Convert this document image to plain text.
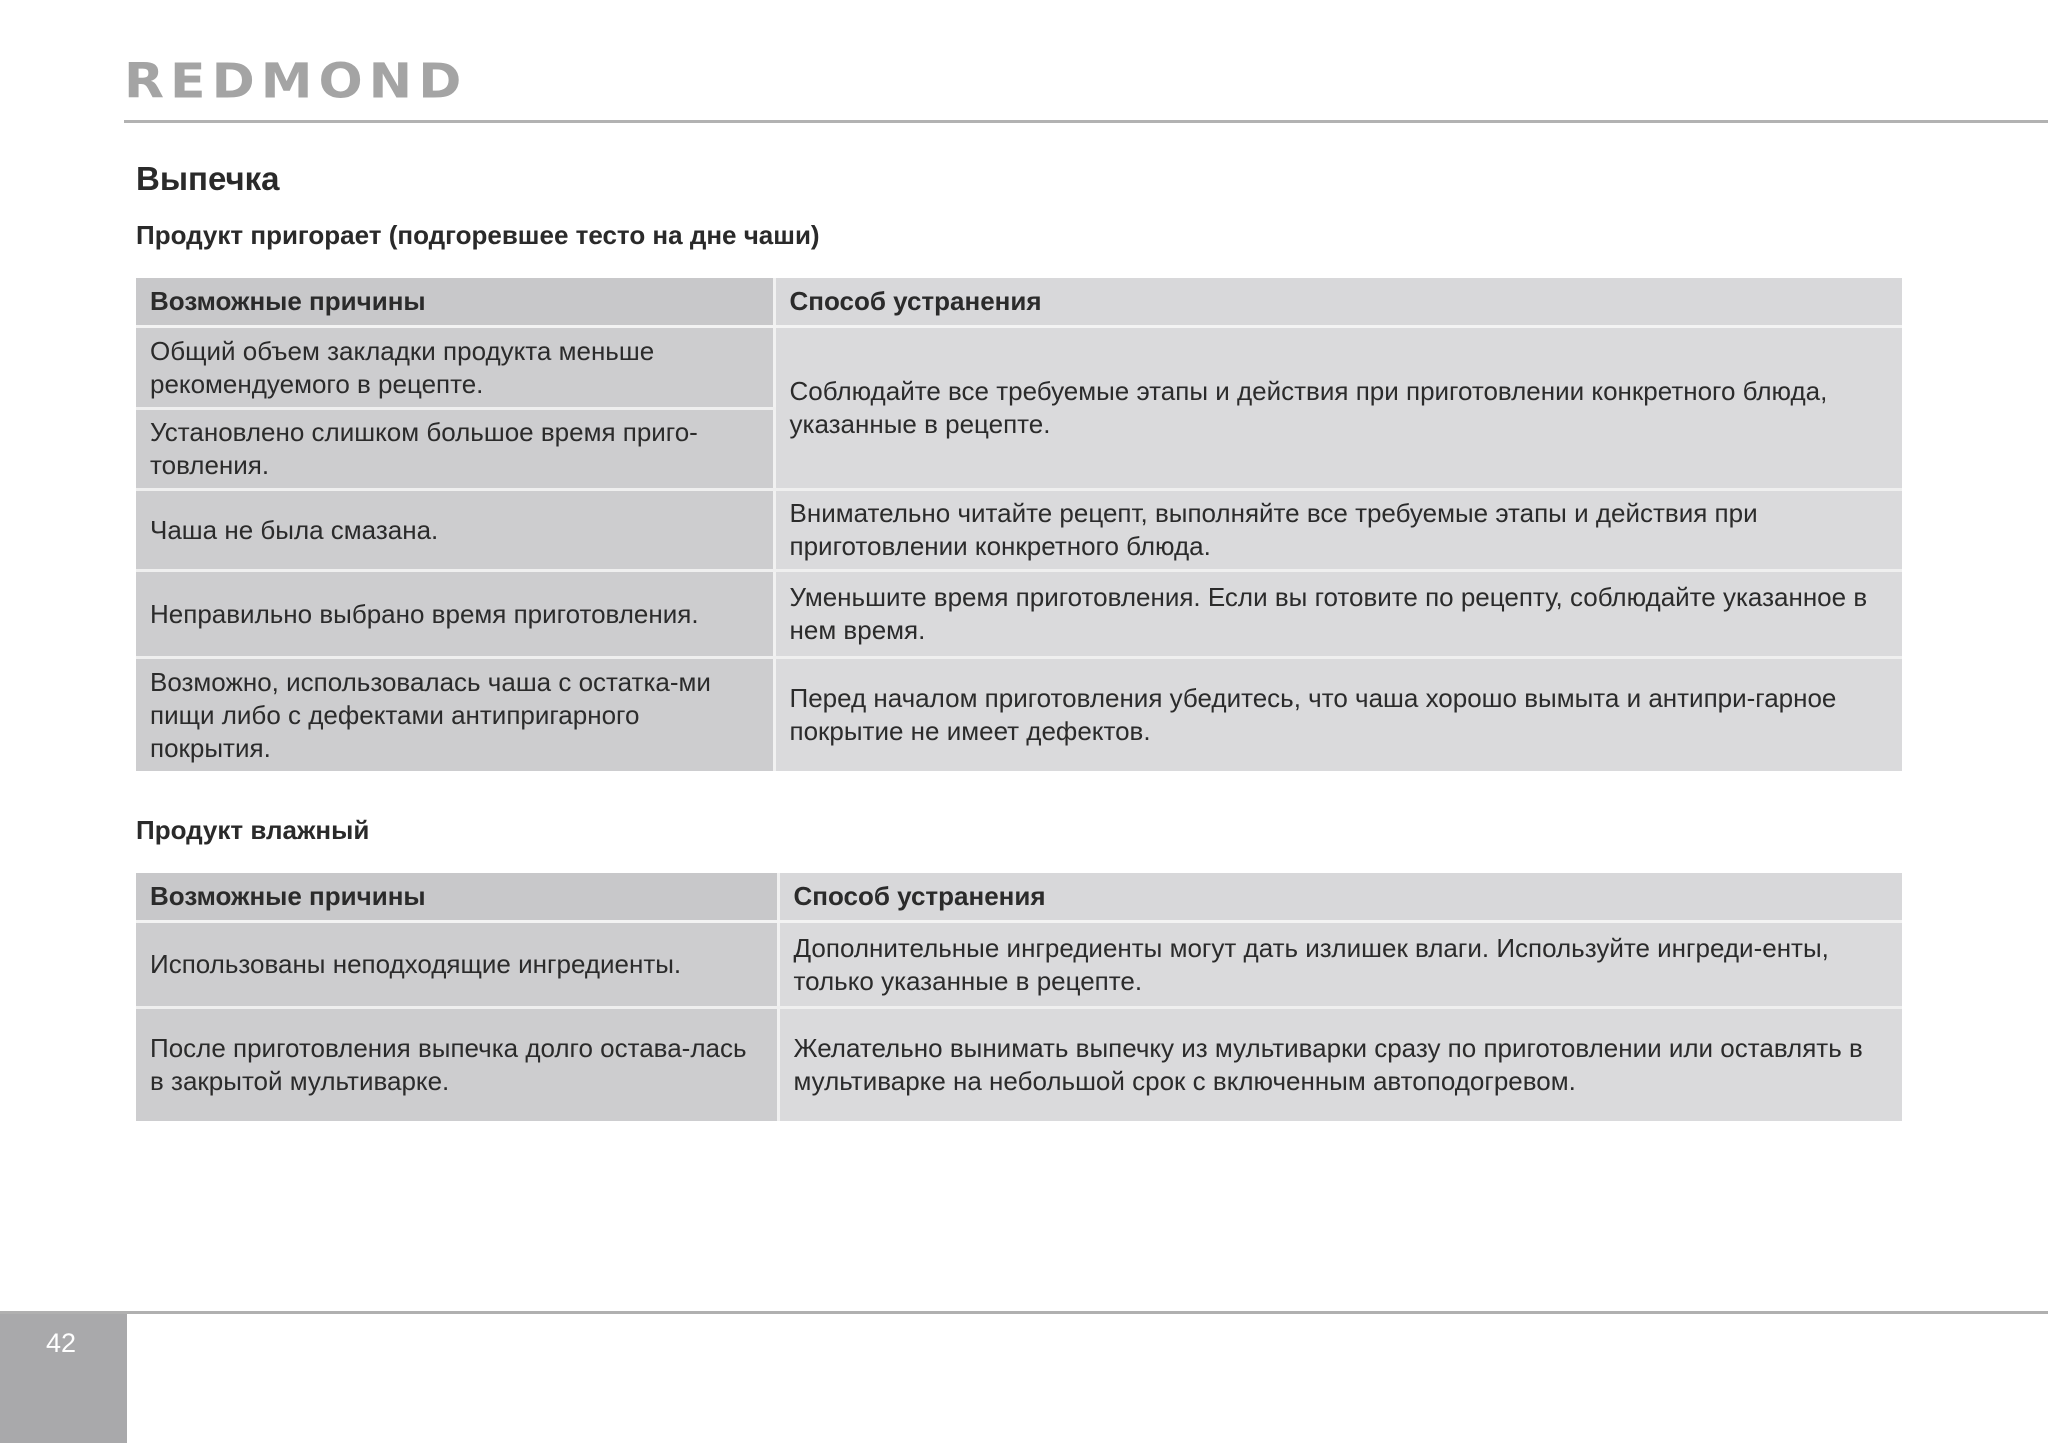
REDMOND
Выпечка
Продукт пригорает (подгоревшее тесто на дне чаши)
Возможные причины	Способ устранения
Общий объем закладки продукта меньше рекомендуемого в рецепте.	Соблюдайте все требуемые этапы и действия при приготовлении конкретного блюда, указанные в рецепте.
Установлено слишком большое время приго-товления.	
Чаша не была смазана.	Внимательно читайте рецепт, выполняйте все требуемые этапы и действия при приготовлении конкретного блюда.
Неправильно выбрано время приготовления.	Уменьшите время приготовления. Если вы готовите по рецепту, соблюдайте указанное в нем время.
Возможно, использовалась чаша с остатка-ми пищи либо с дефектами антипригарного покрытия.	Перед началом приготовления убедитесь, что чаша хорошо вымыта и антипри-гарное покрытие не имеет дефектов.
Продукт влажный
Возможные причины	Способ устранения
Использованы неподходящие ингредиенты.	Дополнительные ингредиенты могут дать излишек влаги. Используйте ингреди-енты, только указанные в рецепте.
После приготовления выпечка долго остава-лась в закрытой мультиварке.	Желательно вынимать выпечку из мультиварки сразу по приготовлении или оставлять в мультиварке на небольшой срок с включенным автоподогревом.
42
